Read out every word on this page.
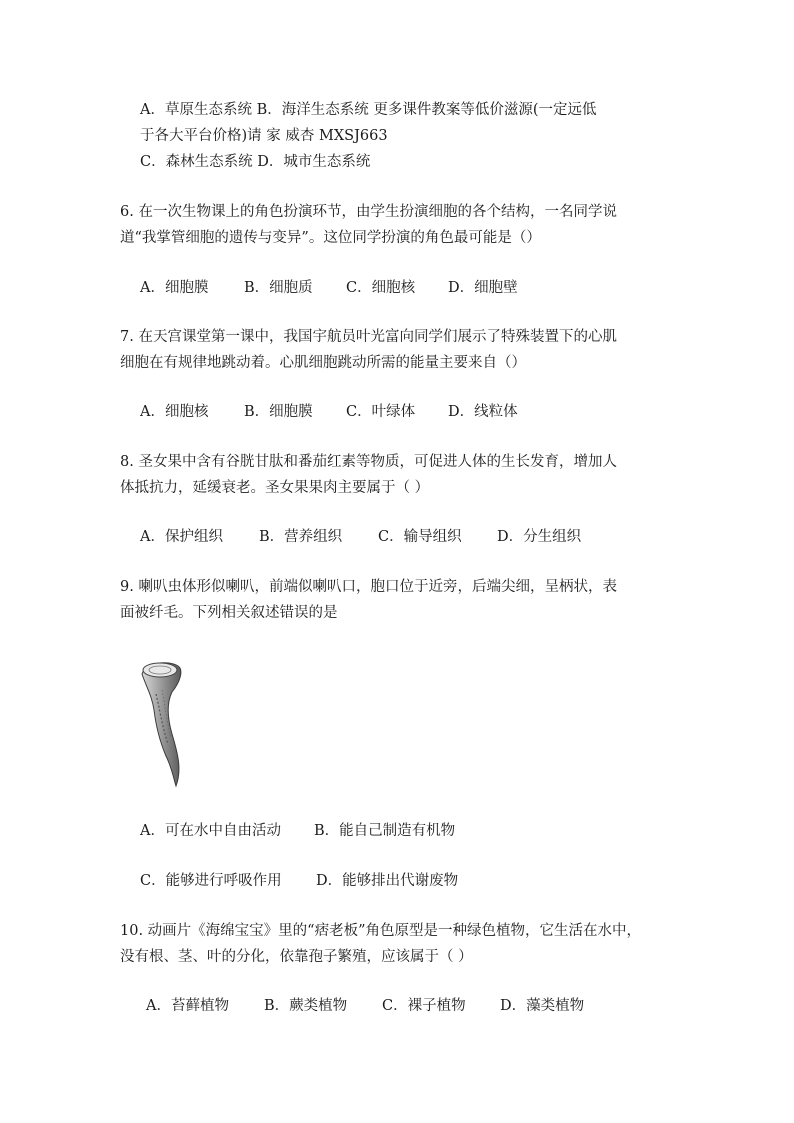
A．草原生态系统 B．海洋生态系统 更多课件教案等低价滋源(一定远低
于各大平台价格)请 家 威杏 MXSJ663
C．森林生态系统 D．城市生态系统
6. 在一次生物课上的角色扮演环节，由学生扮演细胞的各个结构，一名同学说
道“我掌管细胞的遗传与变异”。这位同学扮演的角色最可能是（）
A．细胞膜 B．细胞质 C．细胞核 D．细胞壁
7. 在天宫课堂第一课中，我国宇航员叶光富向同学们展示了特殊装置下的心肌
细胞在有规律地跳动着。心肌细胞跳动所需的能量主要来自（）
A．细胞核 B．细胞膜 C．叶绿体 D．线粒体
8. 圣女果中含有谷胱甘肽和番茄红素等物质，可促进人体的生长发育，增加人
体抵抗力，延缓衰老。圣女果果肉主要属于（ ）
A．保护组织 B．营养组织 C．输导组织 D．分生组织
9. 喇叭虫体形似喇叭，前端似喇叭口，胞口位于近旁，后端尖细，呈柄状，表
面被纤毛。下列相关叙述错误的是
A．可在水中自由活动 B．能自己制造有机物
C．能够进行呼吸作用 D．能够排出代谢废物
10. 动画片《海绵宝宝》里的“痞老板”角色原型是一种绿色植物，它生活在水中，
没有根、茎、叶的分化，依靠孢子繁殖，应该属于（ ）
A．苔藓植物 B．蕨类植物 C．裸子植物 D．藻类植物
